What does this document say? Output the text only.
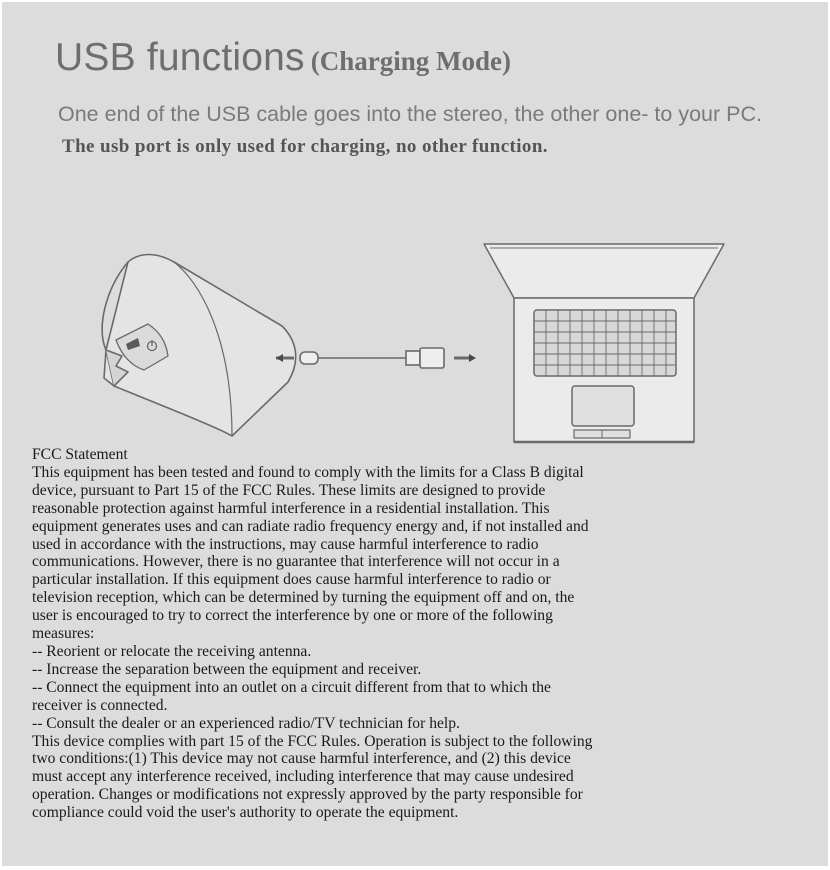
USB functions (Charging Mode)
One end of the USB cable goes into the stereo, the other one- to your PC.
The usb port is only used for charging, no other function.
FCC Statement
This equipment has been tested and found to comply with the limits for a Class B digital
device, pursuant to Part 15 of the FCC Rules. These limits are designed to provide
reasonable protection against harmful interference in a residential installation. This
equipment generates uses and can radiate radio frequency energy and, if not installed and
used in accordance with the instructions, may cause harmful interference to radio
communications. However, there is no guarantee that interference will not occur in a
particular installation. If this equipment does cause harmful interference to radio or
television reception, which can be determined by turning the equipment off and on, the
user is encouraged to try to correct the interference by one or more of the following
measures:
-- Reorient or relocate the receiving antenna.
-- Increase the separation between the equipment and receiver.
-- Connect the equipment into an outlet on a circuit different from that to which the
receiver is connected.
-- Consult the dealer or an experienced radio/TV technician for help.
This device complies with part 15 of the FCC Rules. Operation is subject to the following
two conditions:(1) This device may not cause harmful interference, and (2) this device
must accept any interference received, including interference that may cause undesired
operation. Changes or modifications not expressly approved by the party responsible for
compliance could void the user's authority to operate the equipment.
